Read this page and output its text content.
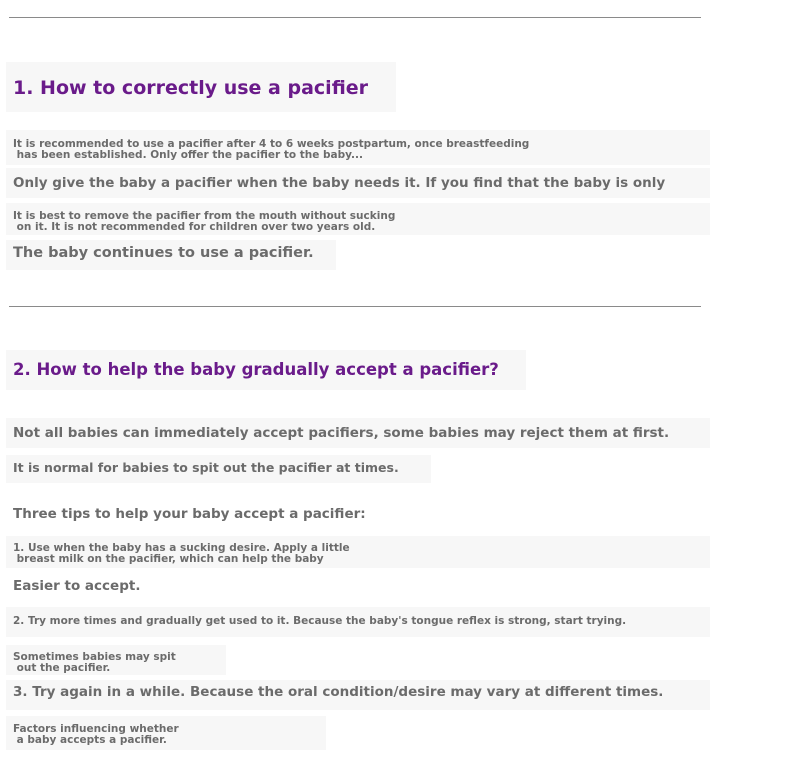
1. How to correctly use a pacifier

It is recommended to use a pacifier after 4 to 6 weeks postpartum, once breastfeeding
has been established. Only offer the pacifier to the baby...

Only give the baby a pacifier when the baby needs it. If you find that the baby is only

It is best to remove the pacifier from the mouth without sucking
on it. It is not recommended for children over two years old.

The baby continues to use a pacifier.

2. How to help the baby gradually accept a pacifier?

Not all babies can immediately accept pacifiers, some babies may reject them at first.

It is normal for babies to spit out the pacifier at times.

Three tips to help your baby accept a pacifier:

1. Use when the baby has a sucking desire. Apply a little
breast milk on the pacifier, which can help the baby

Easier to accept.

2. Try more times and gradually get used to it. Because the baby's tongue reflex is strong, start trying.

Sometimes babies may spit
out the pacifier.

3. Try again in a while. Because the oral condition/desire may vary at different times.

Factors influencing whether
a baby accepts a pacifier.
